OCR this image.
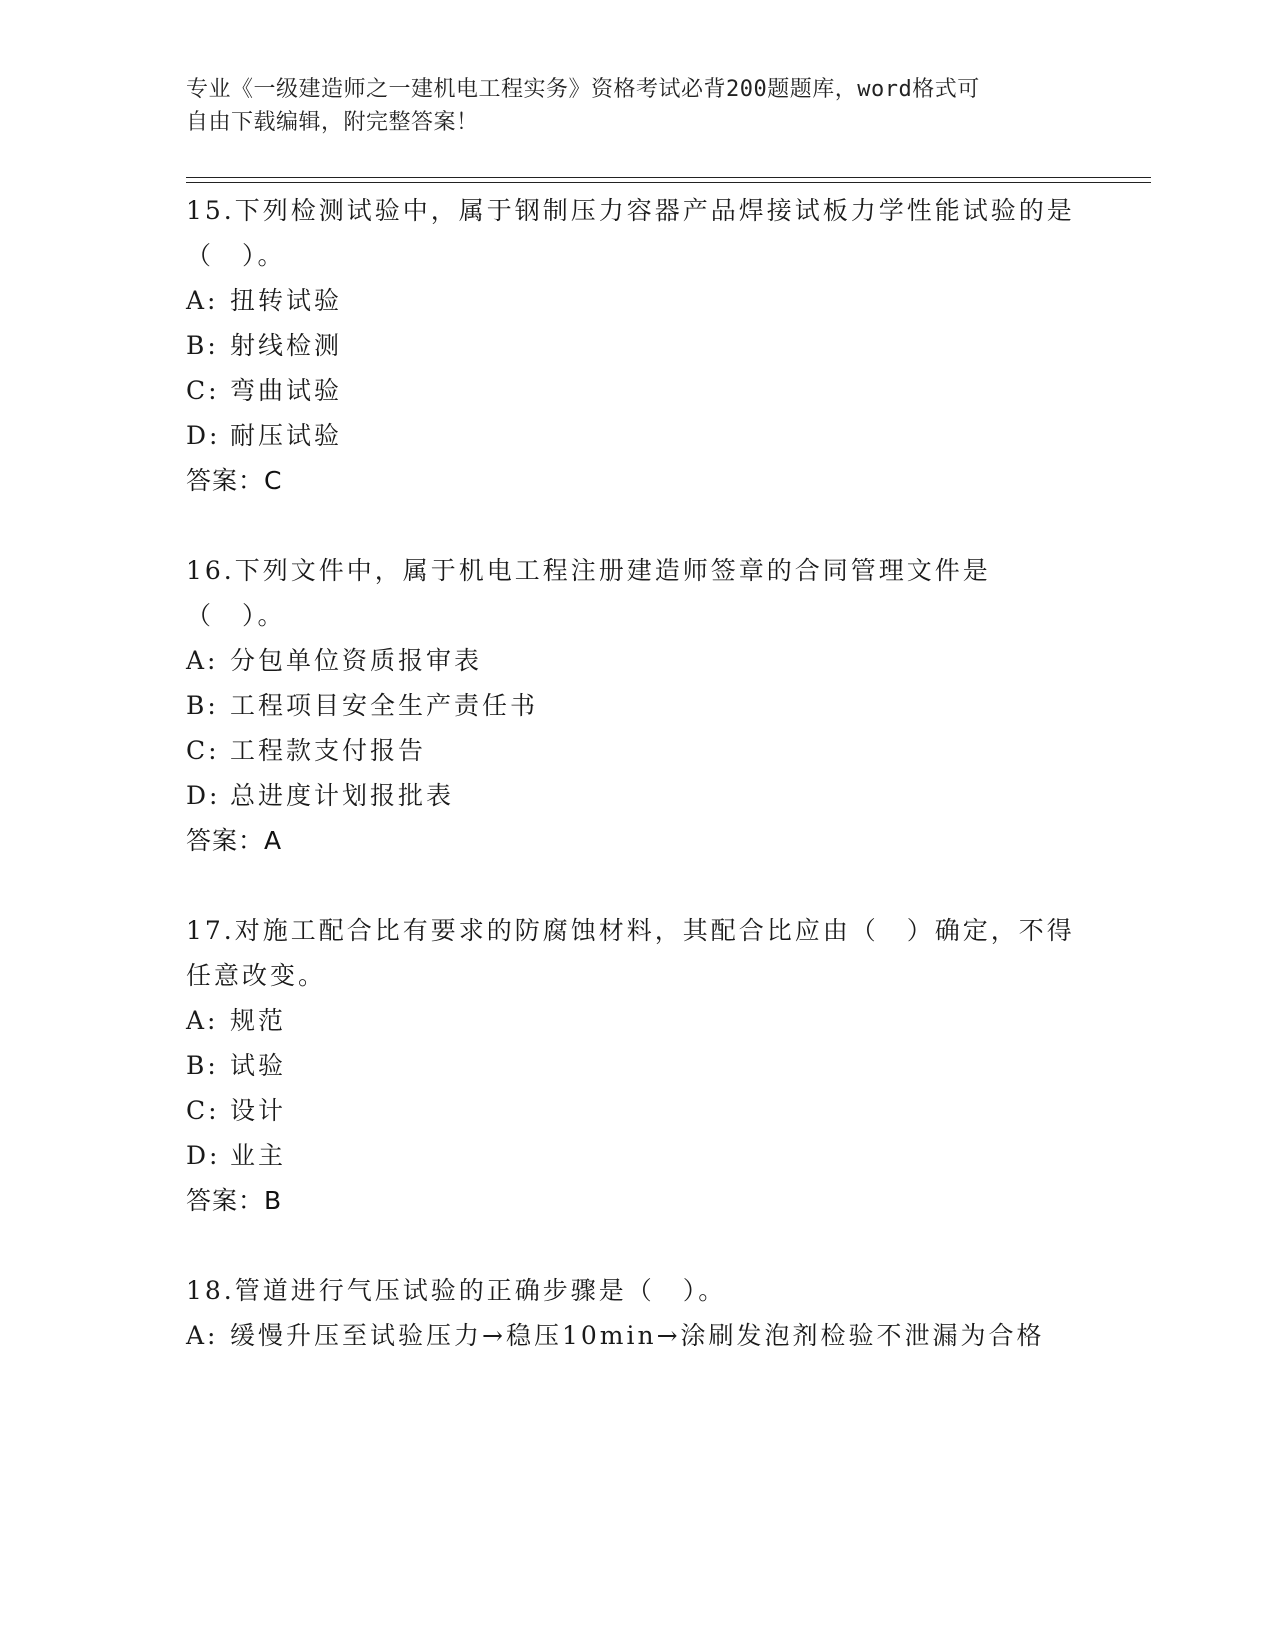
专业《一级建造师之一建机电工程实务》资格考试必背200题题库，word格式可
自由下载编辑，附完整答案！
15.下列检测试验中，属于钢制压力容器产品焊接试板力学性能试验的是（　）。
A: 扭转试验
B: 射线检测
C: 弯曲试验
D: 耐压试验
答案：C
16.下列文件中，属于机电工程注册建造师签章的合同管理文件是（　）。
A: 分包单位资质报审表
B: 工程项目安全生产责任书
C: 工程款支付报告
D: 总进度计划报批表
答案：A
17.对施工配合比有要求的防腐蚀材料，其配合比应由（　）确定，不得任意改变。
A: 规范
B: 试验
C: 设计
D: 业主
答案：B
18.管道进行气压试验的正确步骤是（　）。
A: 缓慢升压至试验压力→稳压10min→涂刷发泡剂检验不泄漏为合格
